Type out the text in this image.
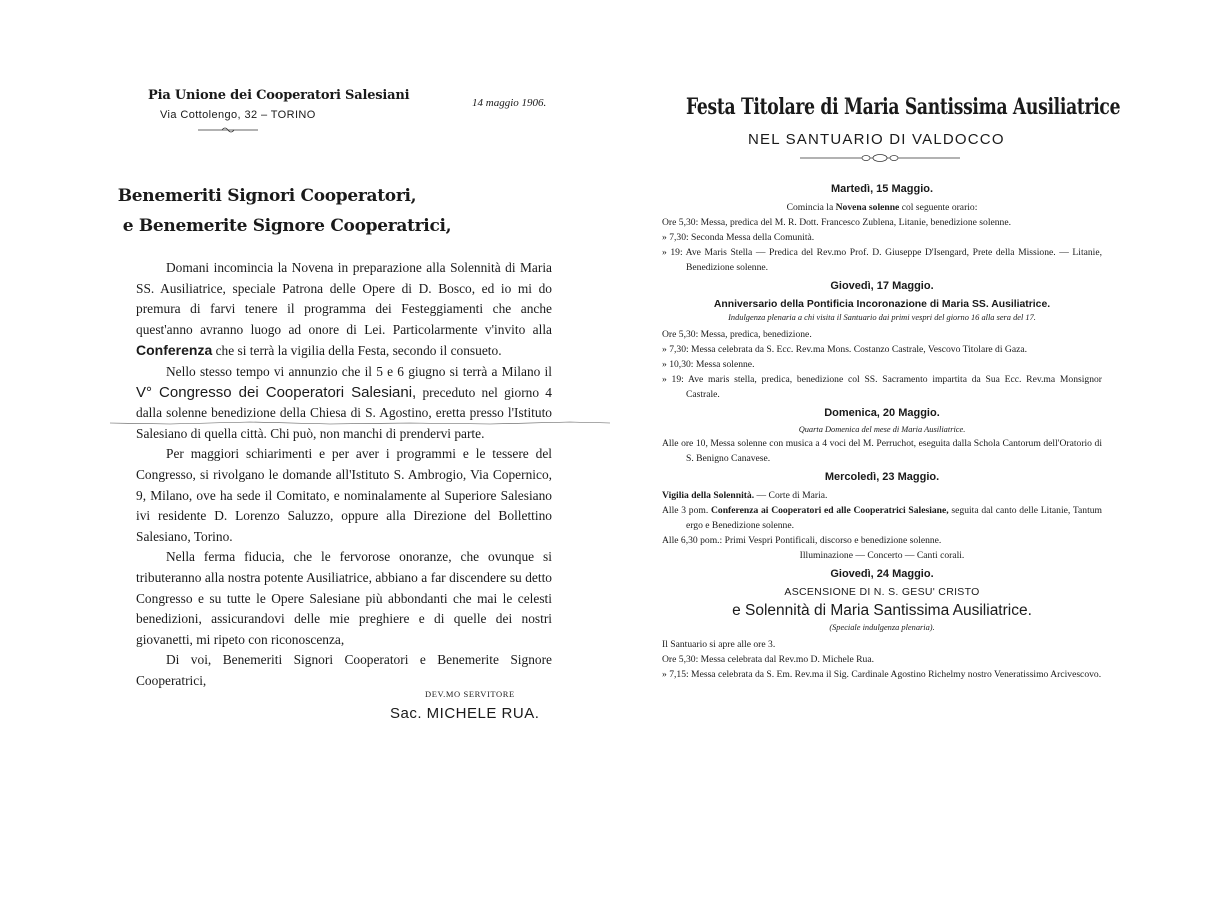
Pia Unione dei Cooperatori Salesiani
Via Cottolengo, 32 – TORINO
14 maggio 1906.
Benemeriti Signori Cooperatori,
e Benemerite Signore Cooperatrici,

Domani incomincia la Novena in preparazione alla Solennità di Maria SS. Ausiliatrice, speciale Patrona delle Opere di D. Bosco, ed io mi do premura di farvi tenere il programma dei Festeggiamenti che anche quest'anno avranno luogo ad onore di Lei. Particolarmente v'invito alla Conferenza che si terrà la vigilia della Festa, secondo il consueto.

Nello stesso tempo vi annunzio che il 5 e 6 giugno si terrà a Milano il V° Congresso dei Cooperatori Salesiani, preceduto nel giorno 4 dalla solenne benedizione della Chiesa di S. Agostino, eretta presso l'Istituto Salesiano di quella città. Chi può, non manchi di prendervi parte.

Per maggiori schiarimenti e per aver i programmi e le tessere del Congresso, si rivolgano le domande all'Istituto S. Ambrogio, Via Copernico, 9, Milano, ove ha sede il Comitato, e nominalamente al Superiore Salesiano ivi residente D. Lorenzo Saluzzo, oppure alla Direzione del Bollettino Salesiano, Torino.

Nella ferma fiducia, che le fervorose onoranze, che ovunque si tributeranno alla nostra potente Ausiliatrice, abbiano a far discendere su detto Congresso e su tutte le Opere Salesiane più abbondanti che mai le celesti benedizioni, assicurandovi delle mie preghiere e di quelle dei nostri giovanetti, mi ripeto con riconoscenza,

Di voi, Benemeriti Signori Cooperatori e Benemerite Signore Cooperatrici,

DEV.MO SERVITORE
Sac. MICHELE RUA.
Festa Titolare di Maria Santissima Ausiliatrice
NEL SANTUARIO DI VALDOCCO
Martedì, 15 Maggio.
Comincia la Novena solenne col seguente orario:
Ore 5,30: Messa, predica del M. R. Dott. Francesco Zublena, Litanie, benedizione solenne.
» 7,30: Seconda Messa della Comunità.
» 19: Ave Maris Stella — Predica del Rev.mo Prof. D. Giuseppe D'Isengard, Prete della Missione. — Litanie, Benedizione solenne.
Giovedì, 17 Maggio.
Anniversario della Pontificia Incoronazione di Maria SS. Ausiliatrice.
Indulgenza plenaria a chi visita il Santuario dai primi vespri del giorno 16 alla sera del 17.
Ore 5,30: Messa, predica, benedizione.
» 7,30: Messa celebrata da S. Ecc. Rev.ma Mons. Costanzo Castrale, Vescovo Titolare di Gaza.
» 10,30: Messa solenne.
» 19: Ave maris stella, predica, benedizione col SS. Sacramento impartita da Sua Ecc. Rev.ma Monsignor Castrale.
Domenica, 20 Maggio.
Quarta Domenica del mese di Maria Ausiliatrice.
Alle ore 10, Messa solenne con musica a 4 voci del M. Perruchot, eseguita dalla Schola Cantorum dell'Oratorio di S. Benigno Canavese.
Mercoledì, 23 Maggio.
Vigilia della Solennità. — Corte di Maria.
Alle 3 pom. Conferenza ai Cooperatori ed alle Cooperatrici Salesiane, seguita dal canto delle Litanie, Tantum ergo e Benedizione solenne.
Alle 6,30 pom.: Primi Vespri Pontificali, discorso e benedizione solenne.
Illuminazione — Concerto — Canti corali.
Giovedì, 24 Maggio.
ASCENSIONE DI N. S. GESU' CRISTO
e Solennità di Maria Santissima Ausiliatrice.
(Speciale indulgenza plenaria).
Il Santuario si apre alle ore 3.
Ore 5,30: Messa celebrata dal Rev.mo D. Michele Rua.
» 7,15: Messa celebrata da S. Em. Rev.ma il Sig. Cardinale Agostino Richelmy nostro Veneratissimo Arcivescovo.
